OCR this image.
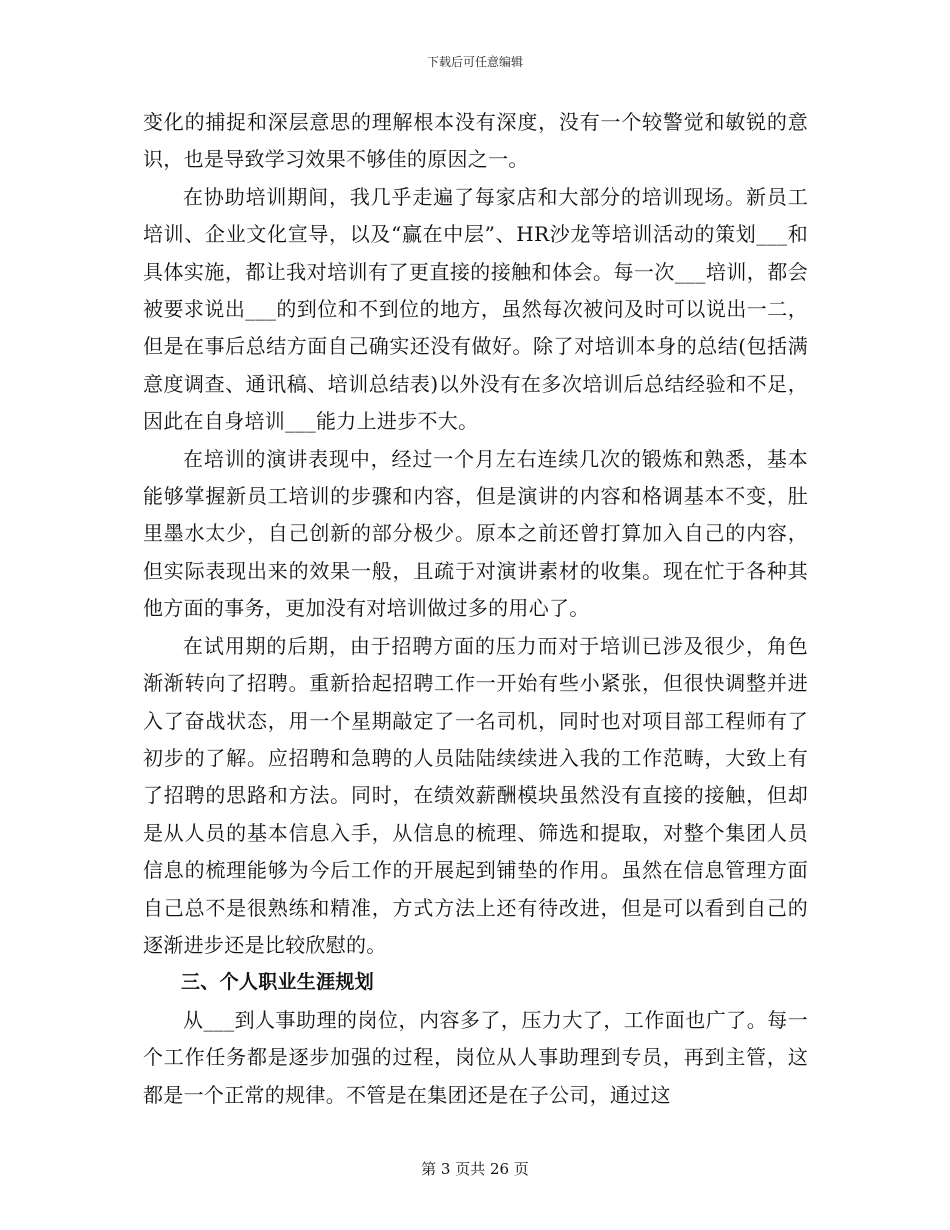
下载后可任意编辑

变化的捕捉和深层意思的理解根本没有深度，没有一个较警觉和敏锐的意识，也是导致学习效果不够佳的原因之一。

在协助培训期间，我几乎走遍了每家店和大部分的培训现场。新员工培训、企业文化宣导，以及“赢在中层”、HR沙龙等培训活动的策划___和具体实施，都让我对培训有了更直接的接触和体会。每一次___培训，都会被要求说出___的到位和不到位的地方，虽然每次被问及时可以说出一二，但是在事后总结方面自己确实还没有做好。除了对培训本身的总结(包括满意度调查、通讯稿、培训总结表)以外没有在多次培训后总结经验和不足，因此在自身培训___能力上进步不大。

在培训的演讲表现中，经过一个月左右连续几次的锻炼和熟悉，基本能够掌握新员工培训的步骤和内容，但是演讲的内容和格调基本不变，肚里墨水太少，自己创新的部分极少。原本之前还曾打算加入自己的内容，但实际表现出来的效果一般，且疏于对演讲素材的收集。现在忙于各种其他方面的事务，更加没有对培训做过多的用心了。

在试用期的后期，由于招聘方面的压力而对于培训已涉及很少，角色渐渐转向了招聘。重新拾起招聘工作一开始有些小紧张，但很快调整并进入了奋战状态，用一个星期敲定了一名司机，同时也对项目部工程师有了初步的了解。应招聘和急聘的人员陆陆续续进入我的工作范畴，大致上有了招聘的思路和方法。同时，在绩效薪酬模块虽然没有直接的接触，但却是从人员的基本信息入手，从信息的梳理、筛选和提取，对整个集团人员信息的梳理能够为今后工作的开展起到铺垫的作用。虽然在信息管理方面自己总不是很熟练和精准，方式方法上还有待改进，但是可以看到自己的逐渐进步还是比较欣慰的。

三、个人职业生涯规划

从___到人事助理的岗位，内容多了，压力大了，工作面也广了。每一个工作任务都是逐步加强的过程，岗位从人事助理到专员，再到主管，这都是一个正常的规律。不管是在集团还是在子公司，通过这

第 3 页共 26 页
